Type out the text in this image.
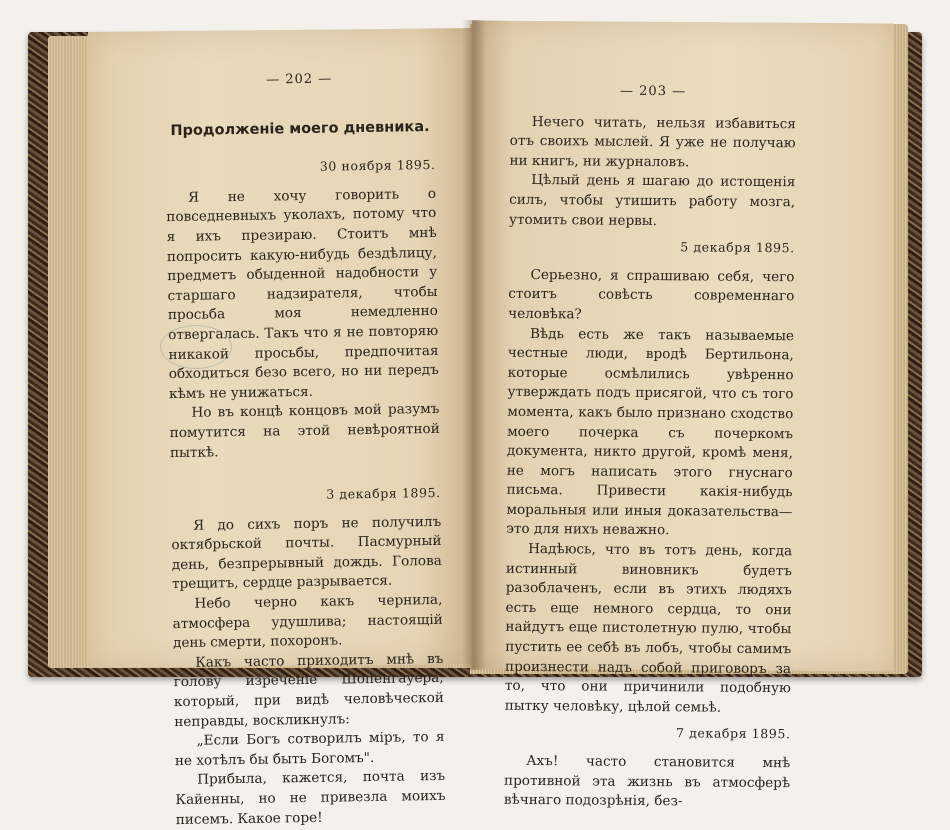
— 202 —

Продолженіе моего дневника.

30 ноября 1895.

Я не хочу говорить о повседневныхъ уколахъ, потому что я ихъ презираю. Стоитъ мнѣ попросить какую-нибудь бездѣлицу, предметъ обыденной надобности у старшаго надзирателя, чтобы просьба моя немедленно отвергалась. Такъ что я не повторяю никакой просьбы, предпочитая обходиться безо всего, но ни передъ кѣмъ не унижаться.

Но въ концѣ концовъ мой разумъ помутится на этой невѣроятной пыткѣ.

3 декабря 1895.

Я до сихъ поръ не получилъ октябрьской почты. Пасмурный день, безпрерывный дождь. Голова трещитъ, сердце разрывается.

Небо черно какъ чернила, атмосфера удушлива; настоящій день смерти, похоронъ.

Какъ часто приходитъ мнѣ въ голову изреченіе Шопенгауера, который, при видѣ человѣческой неправды, воскликнулъ:

„Если Богъ сотворилъ міръ, то я не хотѣлъ бы быть Богомъ".

Прибыла, кажется, почта изъ Кайенны, но не привезла моихъ писемъ. Какое горе!

— 203 —

Нечего читать, нельзя избавиться отъ своихъ мыслей. Я уже не получаю ни книгъ, ни журналовъ.

Цѣлый день я шагаю до истощенія силъ, чтобы утишить работу мозга, утомить свои нервы.

5 декабря 1895.

Серьезно, я спрашиваю себя, чего стоитъ совѣсть современнаго человѣка?

Вѣдь есть же такъ называемые честные люди, вродѣ Бертильона, которые осмѣлились увѣренно утверждать подъ присягой, что съ того момента, какъ было признано сходство моего почерка съ почеркомъ документа, никто другой, кромѣ меня, не могъ написать этого гнуснаго письма. Привести какія-нибудь моральныя или иныя доказательства—это для нихъ неважно.

Надѣюсь, что въ тотъ день, когда истинный виновникъ будетъ разоблаченъ, если въ этихъ людяхъ есть еще немного сердца, то они найдутъ еще пистолетную пулю, чтобы пустить ее себѣ въ лобъ, чтобы самимъ произнести надъ собой приговоръ за то, что они причинили подобную пытку человѣку, цѣлой семьѣ.

7 декабря 1895.

Ахъ! часто становится мнѣ противной эта жизнь въ атмосферѣ вѣчнаго подозрѣнія, без-
